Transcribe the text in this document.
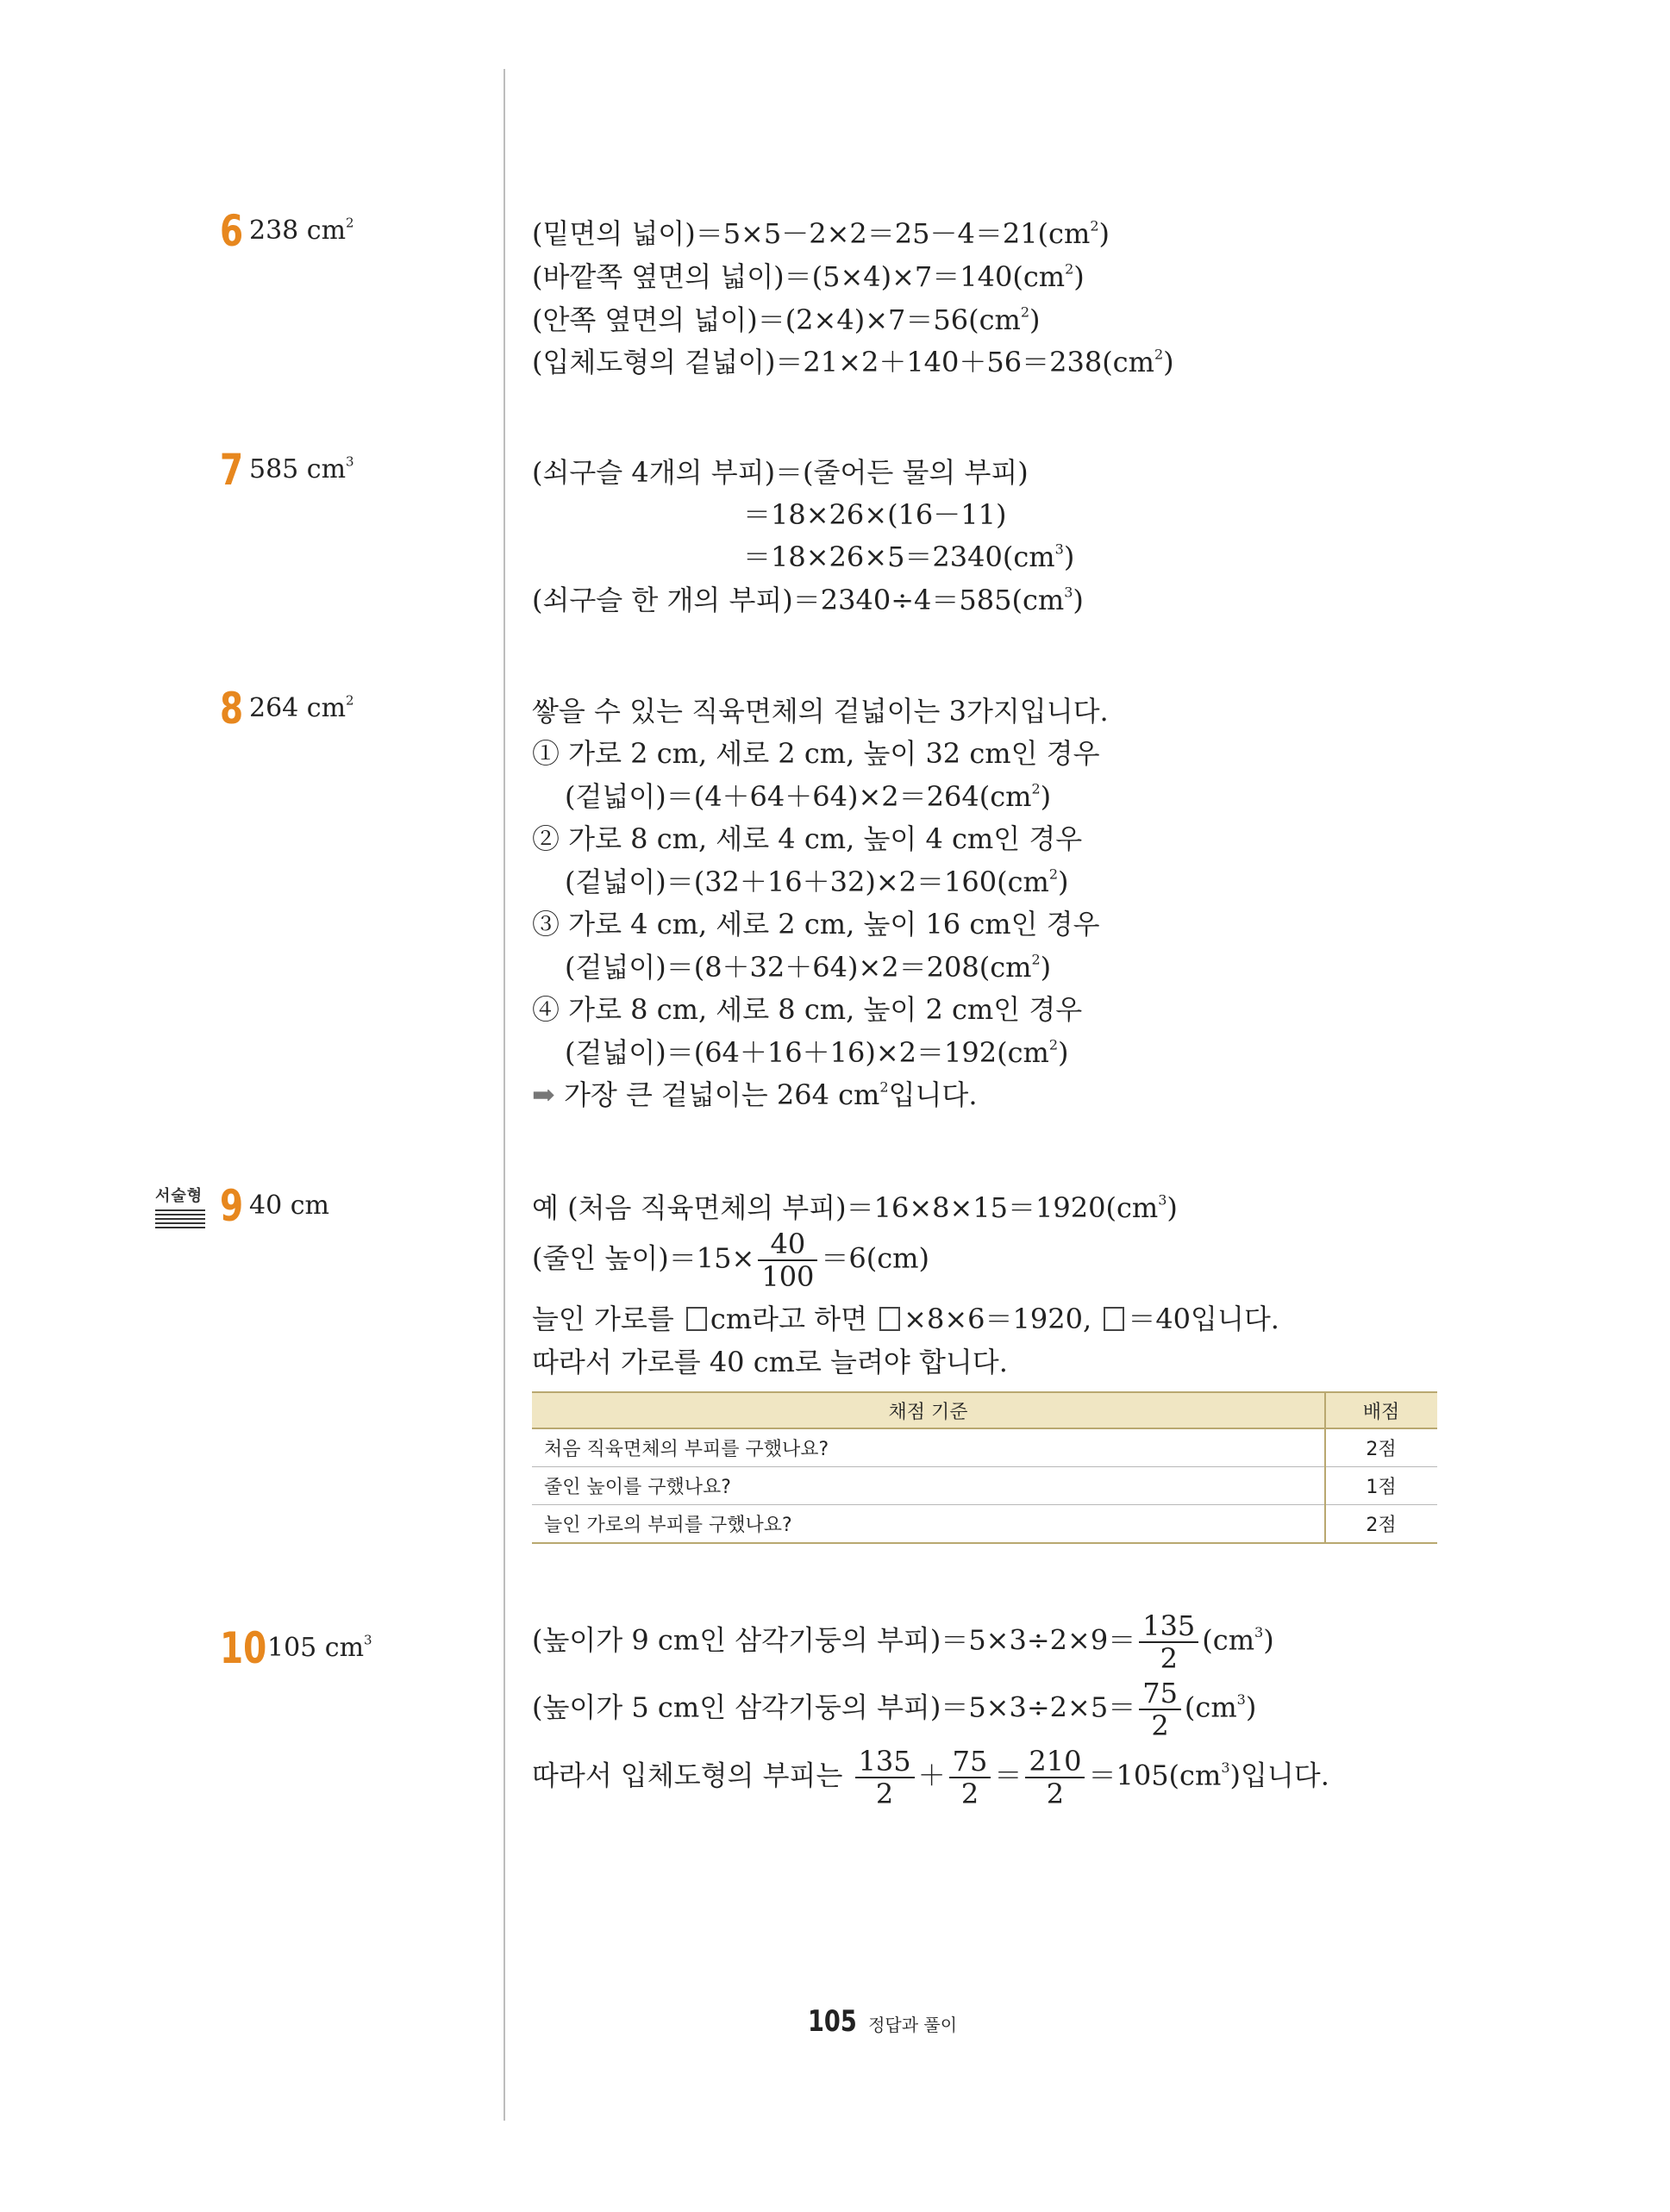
6 238 $cm^2$	(밑면의 넓이)$=5\times 5-2\times 2=25-4=21(cm^2)$
(바깥쪽 옆면의 넓이)$=(5\times 4)\times 7=140(cm^2)$
(안쪽 옆면의 넓이)$=(2\times 4)\times 7=56(cm^2)$
(입체도형의 겉넓이)$=21\times 2+140+56=238(cm^2)$
7 585 $cm^3$	(쇠구슬 4개의 부피)＝(줄어든 물의 부피)
＝18×26×(16－11)
$=18\times 26\times 5=2340(cm^3)$
(쇠구슬 한 개의 부피)$=2340\div 4=585(cm^3)$
8 264 $cm^2$	쌓을 수 있는 직육면체의 겉넓이는 3가지입니다.
① 가로 2 cm, 세로 2 cm, 높이 32 cm인 경우
(겉넓이)$=(4+64+64)\times 2=264(cm^2)$
② 가로 8 cm, 세로 4 cm, 높이 4 cm인 경우
(겉넓이)$=(32+16+32)\times 2=160(cm^2)$
③ 가로 4 cm, 세로 2 cm, 높이 16 cm인 경우
(겉넓이)$=(8+32+64)\times 2=208(cm^2)$
④ 가로 8 cm, 세로 8 cm, 높이 2 cm인 경우
(겉넓이)$=(64+16+16)\times 2=192(cm^2)$
➡ 가장 큰 겉넓이는 264 $cm^2$입니다.
서술형 9 40 cm	예 (처음 직육면체의 부피)$=16\times 8\times 15=1920(cm^3)$
(줄인 높이)$=15\times \frac{40}{100} =6(cm)$
늘인 가로를 cm라고 하면 ×8×6＝1920, ＝40입니다.
따라서 가로를 40 cm로 늘려야 합니다.
채점 기준	배점
처음 직육면체의 부피를 구했나요?	2점
줄인 높이를 구했나요?	1점
늘인 가로의 부피를 구했나요?	2점
10 105 $cm^3$	(높이가 9 cm인 삼각기둥의 부피)$=5\times 3\div 2\times 9= \frac{135}{2} (cm^3)$
(높이가 5 cm인 삼각기둥의 부피)$=5\times 3\div 2\times 5= \frac{75}{2} (cm^3)$
따라서 입체도형의 부피는 $\frac{135}{2} + \frac{75}{2} = \frac{210}{2} =105(cm^3)$입니다.
105 정답과 풀이
